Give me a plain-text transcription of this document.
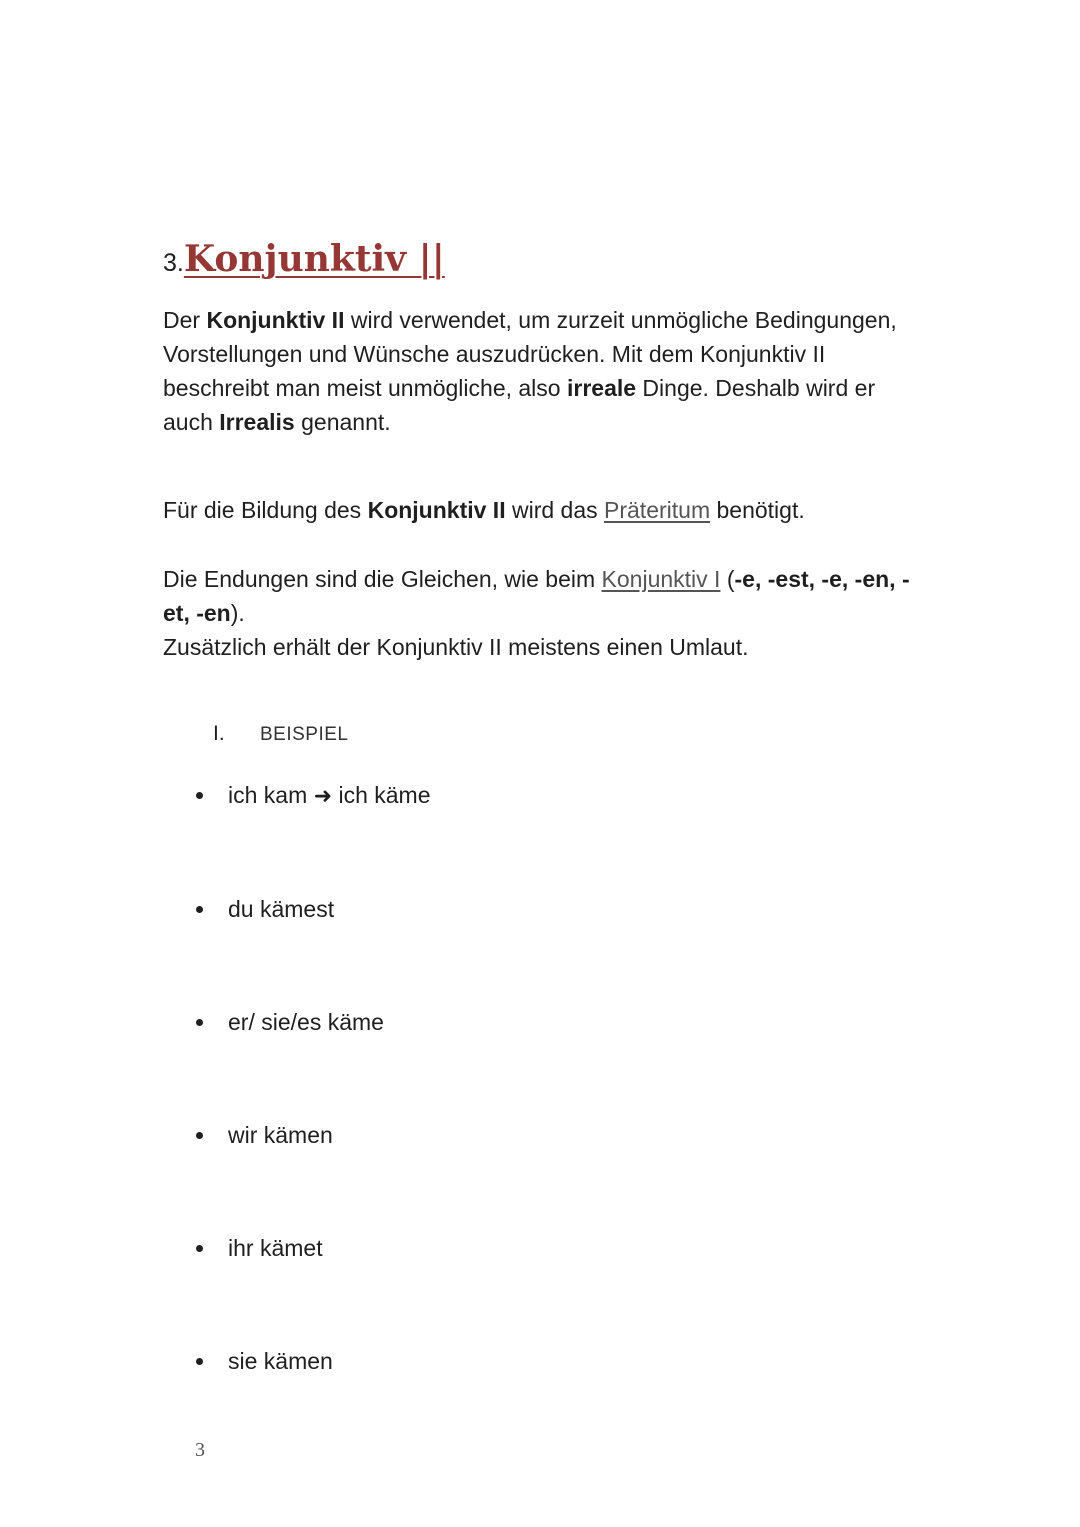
3.Konjunktiv ||
Der Konjunktiv II wird verwendet, um zurzeit unmögliche Bedingungen, Vorstellungen und Wünsche auszudrücken. Mit dem Konjunktiv II beschreibt man meist unmögliche, also irreale Dinge. Deshalb wird er auch Irrealis genannt.
Für die Bildung des Konjunktiv II wird das Präteritum benötigt.
Die Endungen sind die Gleichen, wie beim Konjunktiv I (-e, -est, -e, -en, -et, -en).
Zusätzlich erhält der Konjunktiv II meistens einen Umlaut.
I. BEISPIEL
ich kam ➜ ich käme
du kämest
er/ sie/es käme
wir kämen
ihr kämet
sie kämen
3
